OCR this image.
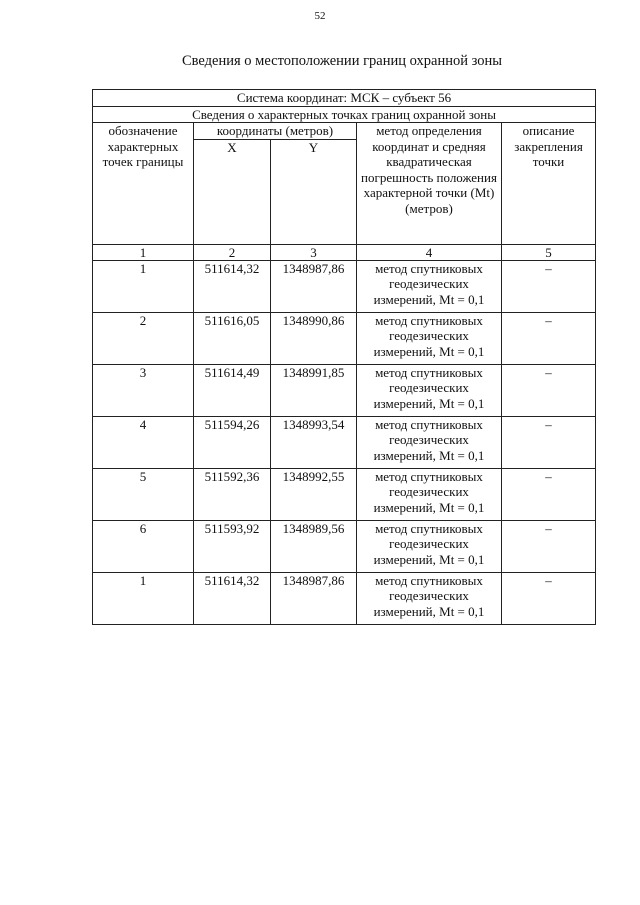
52
Сведения о местоположении границ охранной зоны
Система координат: МСК – субъект 56				
Сведения о характерных точках границ охранной зоны				
обозначение характерных точек границы	координаты (метров)		метод определения координат и средняя квадратическая погрешность положения характерной точки (Mt) (метров)	описание закрепления точки
	X	Y		
1	2	3	4	5
1	511614,32	1348987,86	метод спутниковых геодезических измерений, Mt = 0,1	–
2	511616,05	1348990,86	метод спутниковых геодезических измерений, Mt = 0,1	–
3	511614,49	1348991,85	метод спутниковых геодезических измерений, Mt = 0,1	–
4	511594,26	1348993,54	метод спутниковых геодезических измерений, Mt = 0,1	–
5	511592,36	1348992,55	метод спутниковых геодезических измерений, Mt = 0,1	–
6	511593,92	1348989,56	метод спутниковых геодезических измерений, Mt = 0,1	–
1	511614,32	1348987,86	метод спутниковых геодезических измерений, Mt = 0,1	–
